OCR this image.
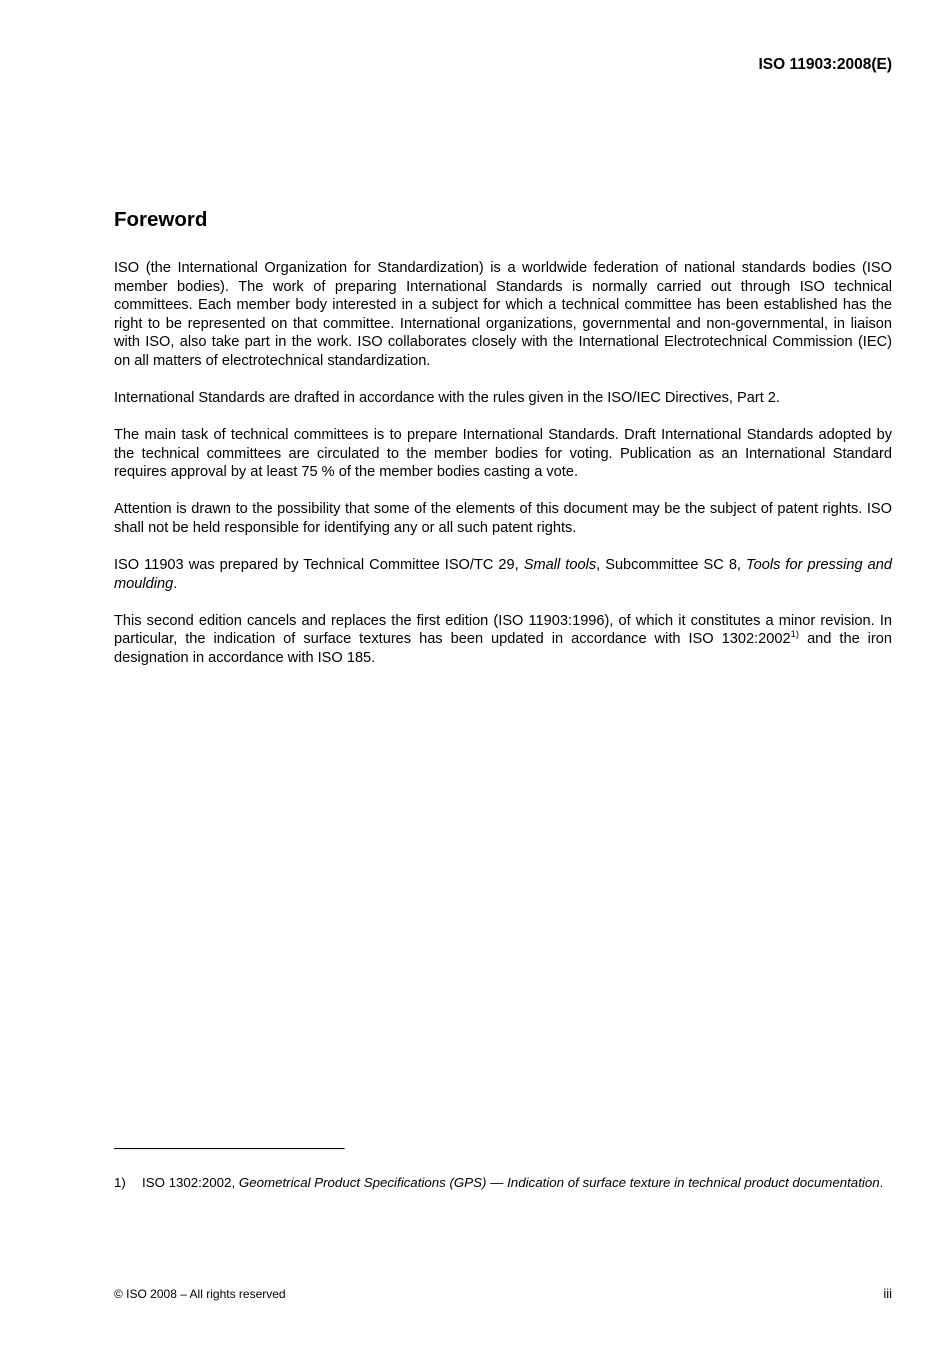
ISO 11903:2008(E)

Foreword

ISO (the International Organization for Standardization) is a worldwide federation of national standards bodies (ISO member bodies). The work of preparing International Standards is normally carried out through ISO technical committees. Each member body interested in a subject for which a technical committee has been established has the right to be represented on that committee. International organizations, governmental and non-governmental, in liaison with ISO, also take part in the work. ISO collaborates closely with the International Electrotechnical Commission (IEC) on all matters of electrotechnical standardization.

International Standards are drafted in accordance with the rules given in the ISO/IEC Directives, Part 2.

The main task of technical committees is to prepare International Standards. Draft International Standards adopted by the technical committees are circulated to the member bodies for voting. Publication as an International Standard requires approval by at least 75 % of the member bodies casting a vote.

Attention is drawn to the possibility that some of the elements of this document may be the subject of patent rights. ISO shall not be held responsible for identifying any or all such patent rights.

ISO 11903 was prepared by Technical Committee ISO/TC 29, Small tools, Subcommittee SC 8, Tools for pressing and moulding.

This second edition cancels and replaces the first edition (ISO 11903:1996), of which it constitutes a minor revision. In particular, the indication of surface textures has been updated in accordance with ISO 1302:2002$^{1)}$ and the iron designation in accordance with ISO 185.

1) ISO 1302:2002, Geometrical Product Specifications (GPS) — Indication of surface texture in technical product documentation.

© ISO 2008 – All rights reserved	iii
